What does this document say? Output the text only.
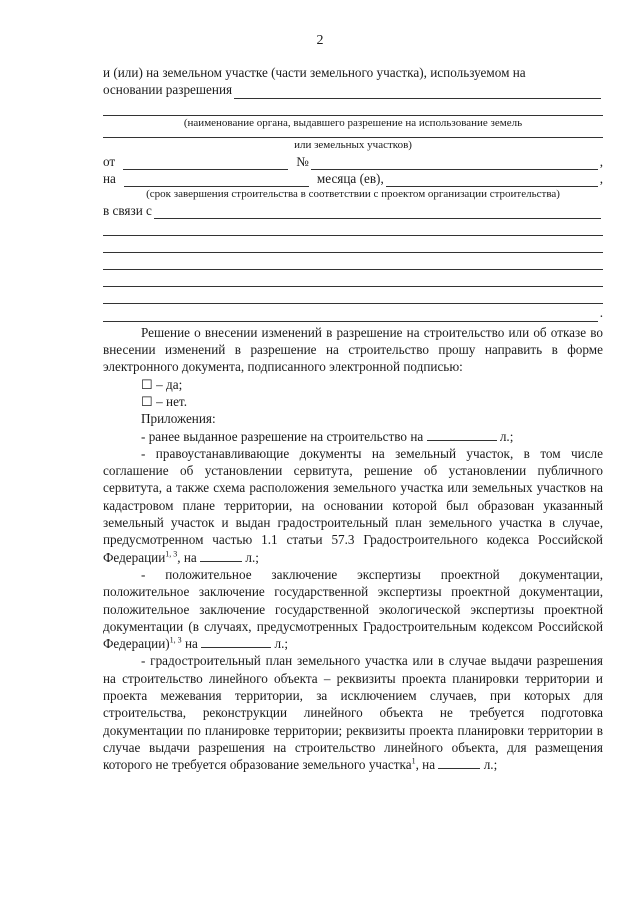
2
и (или) на земельном участке (части земельного участка), используемом на
основании разрешения
(наименование органа, выдавшего разрешение на использование земель
или земельных участков)
от	№	,
на	месяца (ев),	,
(срок завершения строительства в соответствии с проектом организации строительства)
в связи с
.
Решение о внесении изменений в разрешение на строительство или об отказе во внесении изменений в разрешение на строительство прошу направить в форме электронного документа, подписанного электронной подписью:
☐ – да;
☐ – нет.
Приложения:
- ранее выданное разрешение на строительство на	л.;
- правоустанавливающие документы на земельный участок, в том числе соглашение об установлении сервитута, решение об установлении публичного сервитута, а также схема расположения земельного участка или земельных участков на кадастровом плане территории, на основании которой был образован указанный земельный участок и выдан градостроительный план земельного участка в случае, предусмотренном частью 1.1 статьи 57.3 Градостроительного кодекса Российской Федерации$^{1, 3}$, на	л.;
- положительное заключение экспертизы проектной документации, положительное заключение государственной экспертизы проектной документации, положительное заключение государственной экологической экспертизы проектной документации (в случаях, предусмотренных Градостроительным кодексом Российской Федерации)$^{1, 3}$ на	л.;
- градостроительный план земельного участка или в случае выдачи разрешения на строительство линейного объекта – реквизиты проекта планировки территории и проекта межевания территории, за исключением случаев, при которых для строительства, реконструкции линейного объекта не требуется подготовка документации по планировке территории; реквизиты проекта планировки территории в случае выдачи разрешения на строительство линейного объекта, для размещения которого не требуется образование земельного участка$^1$, на	л.;
